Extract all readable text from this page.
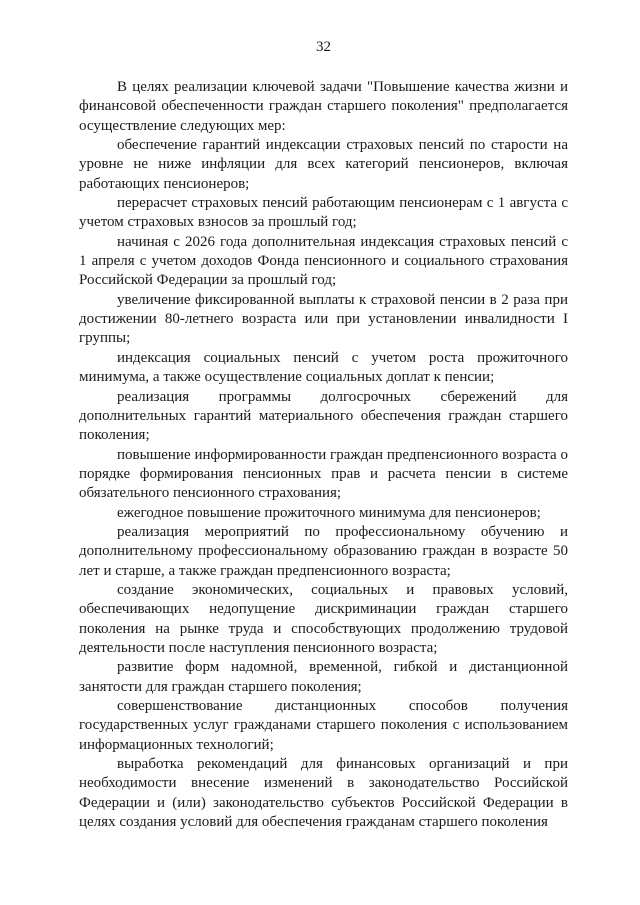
32

В целях реализации ключевой задачи "Повышение качества жизни и финансовой обеспеченности граждан старшего поколения" предполагается осуществление следующих мер:

обеспечение гарантий индексации страховых пенсий по старости на уровне не ниже инфляции для всех категорий пенсионеров, включая работающих пенсионеров;

перерасчет страховых пенсий работающим пенсионерам с 1 августа с учетом страховых взносов за прошлый год;

начиная с 2026 года дополнительная индексация страховых пенсий с 1 апреля с учетом доходов Фонда пенсионного и социального страхования Российской Федерации за прошлый год;

увеличение фиксированной выплаты к страховой пенсии в 2 раза при достижении 80-летнего возраста или при установлении инвалидности I группы;

индексация социальных пенсий с учетом роста прожиточного минимума, а также осуществление социальных доплат к пенсии;

реализация программы долгосрочных сбережений для дополнительных гарантий материального обеспечения граждан старшего поколения;

повышение информированности граждан предпенсионного возраста о порядке формирования пенсионных прав и расчета пенсии в системе обязательного пенсионного страхования;

ежегодное повышение прожиточного минимума для пенсионеров;

реализация мероприятий по профессиональному обучению и дополнительному профессиональному образованию граждан в возрасте 50 лет и старше, а также граждан предпенсионного возраста;

создание экономических, социальных и правовых условий, обеспечивающих недопущение дискриминации граждан старшего поколения на рынке труда и способствующих продолжению трудовой деятельности после наступления пенсионного возраста;

развитие форм надомной, временной, гибкой и дистанционной занятости для граждан старшего поколения;

совершенствование дистанционных способов получения государственных услуг гражданами старшего поколения с использованием информационных технологий;

выработка рекомендаций для финансовых организаций и при необходимости внесение изменений в законодательство Российской Федерации и (или) законодательство субъектов Российской Федерации в целях создания условий для обеспечения гражданам старшего поколения
